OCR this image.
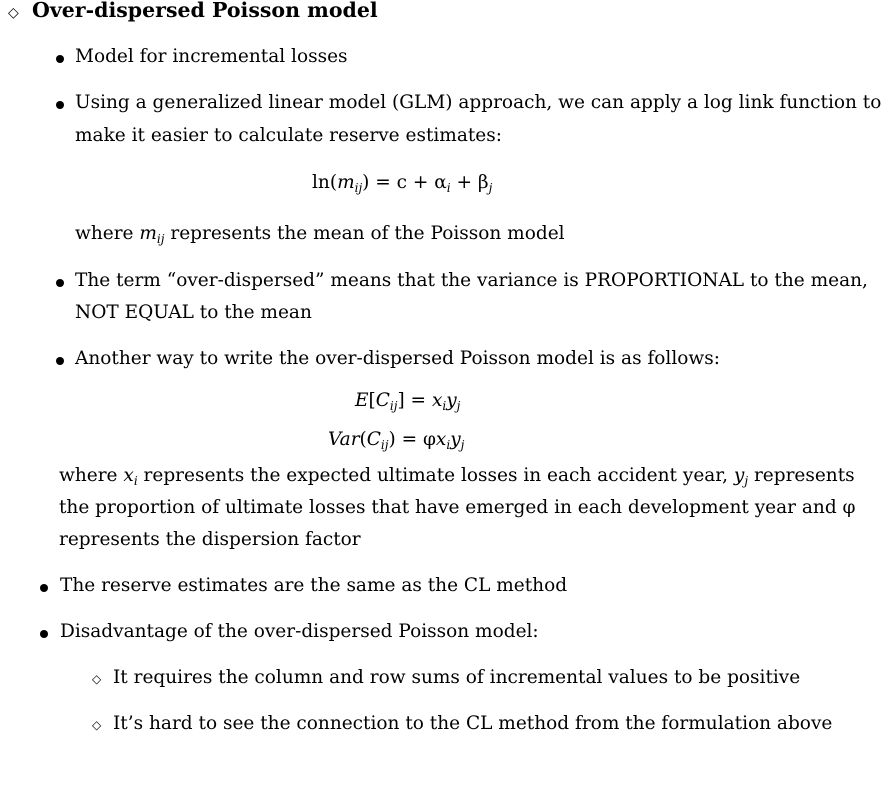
◇ Over-dispersed Poisson model
Model for incremental losses
Using a generalized linear model (GLM) approach, we can apply a log link function to
make it easier to calculate reserve estimates:
$\ln(m_{ij}) = c + \alpha_i + \beta_j$
where $m_{ij}$ represents the mean of the Poisson model
The term “over-dispersed” means that the variance is PROPORTIONAL to the mean,
NOT EQUAL to the mean
Another way to write the over-dispersed Poisson model is as follows:
$E[C_{ij}] = x_iy_j$
$Var(C_{ij}) = \varphi x_iy_j$
where $x_i$ represents the expected ultimate losses in each accident year, $y_j$ represents
the proportion of ultimate losses that have emerged in each development year and φ
represents the dispersion factor
The reserve estimates are the same as the CL method
Disadvantage of the over-dispersed Poisson model:
◇ It requires the column and row sums of incremental values to be positive
◇ It’s hard to see the connection to the CL method from the formulation above
